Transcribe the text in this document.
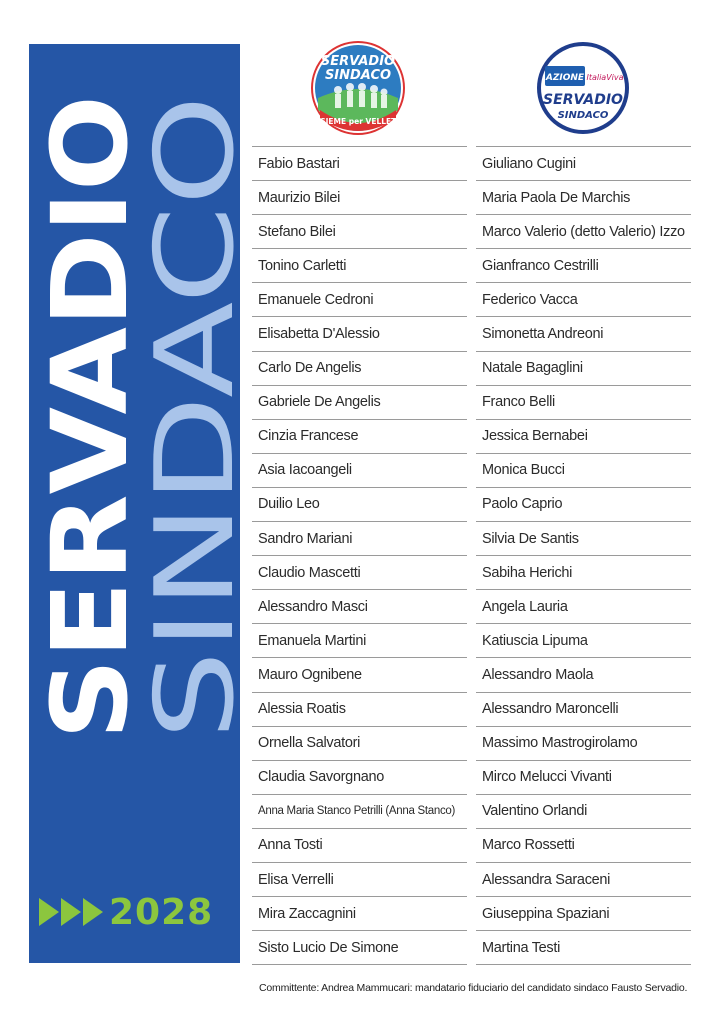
SERVADIO
SINDACO
2028
SERVADIO
SINDACO
INSIEME per VELLETRI
AZIONE ItaliaViva
SERVADIO
SINDACO
Fabio Bastari
Maurizio Bilei
Stefano Bilei
Tonino Carletti
Emanuele Cedroni
Elisabetta D'Alessio
Carlo De Angelis
Gabriele De Angelis
Cinzia Francese
Asia Iacoangeli
Duilio Leo
Sandro Mariani
Claudio Mascetti
Alessandro Masci
Emanuela Martini
Mauro Ognibene
Alessia Roatis
Ornella Salvatori
Claudia Savorgnano
Anna Maria Stanco Petrilli (Anna Stanco)
Anna Tosti
Elisa Verrelli
Mira Zaccagnini
Sisto Lucio De Simone
Giuliano Cugini
Maria Paola De Marchis
Marco Valerio (detto Valerio) Izzo
Gianfranco Cestrilli
Federico Vacca
Simonetta Andreoni
Natale Bagaglini
Franco Belli
Jessica Bernabei
Monica Bucci
Paolo Caprio
Silvia De Santis
Sabiha Herichi
Angela Lauria
Katiuscia Lipuma
Alessandro Maola
Alessandro Maroncelli
Massimo Mastrogirolamo
Mirco Melucci Vivanti
Valentino Orlandi
Marco Rossetti
Alessandra Saraceni
Giuseppina Spaziani
Martina Testi
Committente: Andrea Mammucari: mandatario fiduciario del candidato sindaco Fausto Servadio.
